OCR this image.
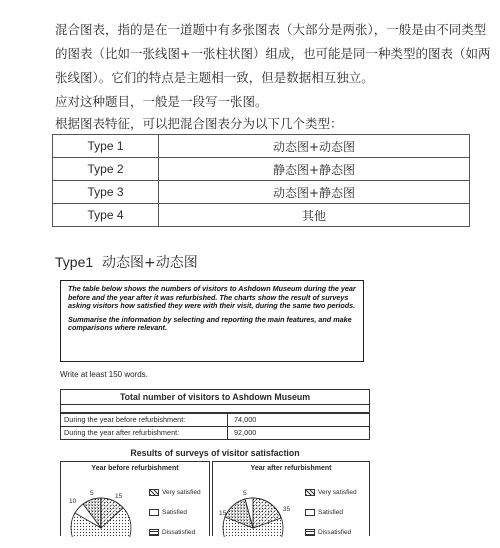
混合图表，指的是在一道题中有多张图表（大部分是两张），一般是由不同类型

的图表（比如一张线图+一张柱状图）组成，也可能是同一种类型的图表（如两

张线图）。它们的特点是主题相一致，但是数据相互独立。

应对这种题目，一般是一段写一张图。

根据图表特征，可以把混合图表分为以下几个类型：

Type 1	动态图+动态图
Type 2	静态图+静态图
Type 3	动态图+静态图
Type 4	其他

Type1 动态图+动态图

The table below shows the numbers of visitors to Ashdown Museum during the year before and the year after it was refurbished. The charts show the result of surveys asking visitors how satisfied they were with their visit, during the same two periods.

Summarise the information by selecting and reporting the main features, and make comparisons where relevant.

Write at least 150 words.
Total number of visitors to Ashdown Museum
During the year before refurbishment:	74,000
During the year after refurbishment:	92,000
Results of surveys of visitor satisfaction
Year before refurbishment
10
5	15
Very satisfied
Satisfied
Dissatisfied
Year after refurbishment
5
35
15
Very satisfied
Satisfied
Dissatisfied
